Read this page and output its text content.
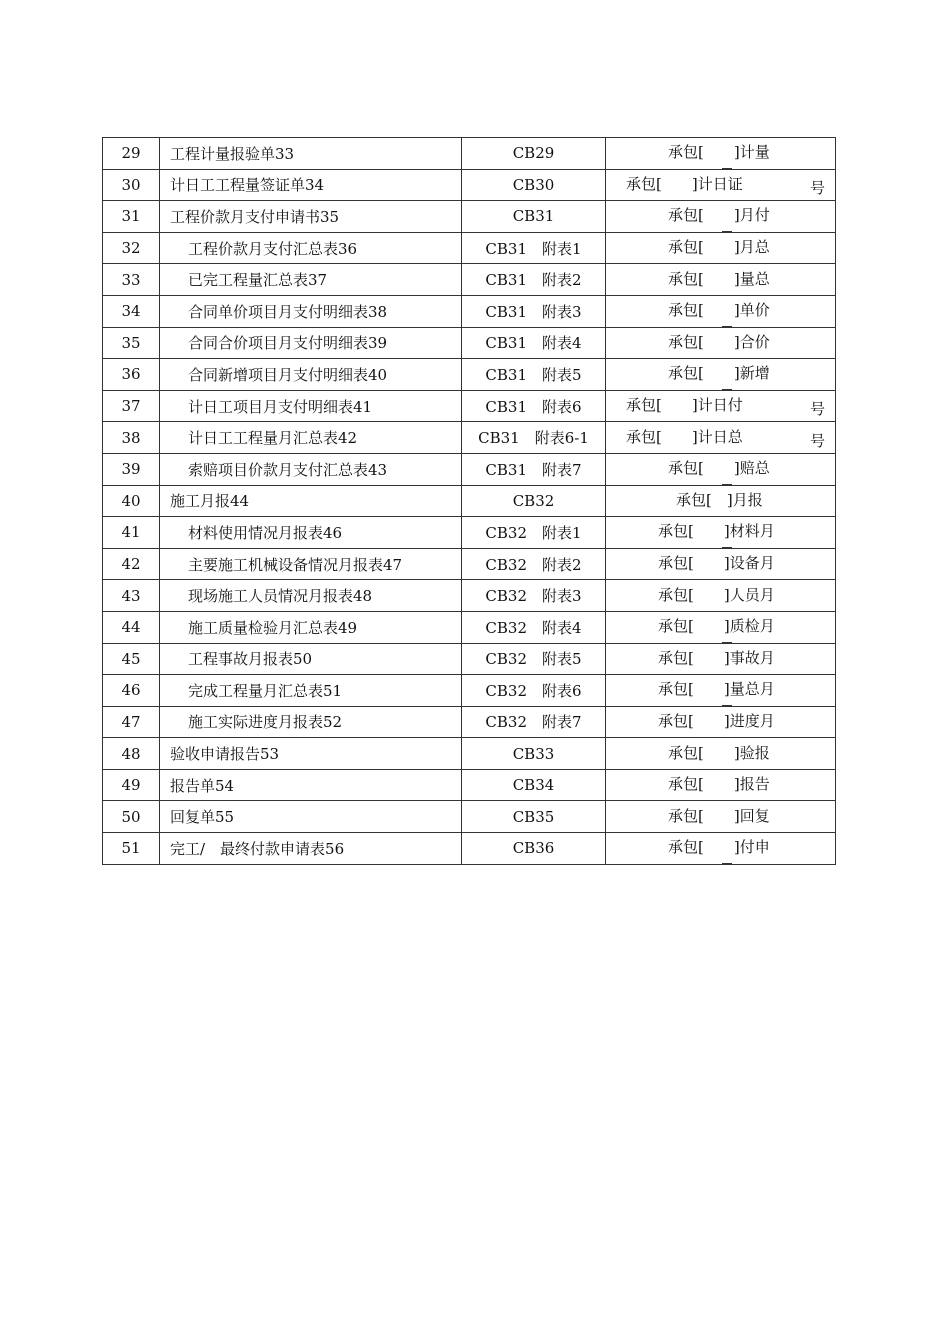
29	工程计量报验单33	CB29	承包[　　]计量

30	计日工工程量签证单34	CB30	承包[　　]计日证 号

31	工程价款月支付申请书35	CB31	承包[　　]月付

32	工程价款月支付汇总表36	CB31　附表1	承包[　　]月总

33	已完工程量汇总表37	CB31　附表2	承包[　　]量总

34	合同单价项目月支付明细表38	CB31　附表3	承包[　　]单价

35	合同合价项目月支付明细表39	CB31　附表4	承包[　　]合价

36	合同新增项目月支付明细表40	CB31　附表5	承包[　　]新增

37	计日工项目月支付明细表41	CB31　附表6	承包[　　]计日付 号

38	计日工工程量月汇总表42	CB31　附表6-1	承包[　　]计日总 号

39	索赔项目价款月支付汇总表43	CB31　附表7	承包[　　]赔总

40	施工月报44	CB32	承包[　]月报

41	材料使用情况月报表46	CB32　附表1	承包[　　]材料月

42	主要施工机械设备情况月报表47	CB32　附表2	承包[　　]设备月

43	现场施工人员情况月报表48	CB32　附表3	承包[　　]人员月

44	施工质量检验月汇总表49	CB32　附表4	承包[　　]质检月

45	工程事故月报表50	CB32　附表5	承包[　　]事故月

46	完成工程量月汇总表51	CB32　附表6	承包[　　]量总月

47	施工实际进度月报表52	CB32　附表7	承包[　　]进度月

48	验收申请报告53	CB33	承包[　　]验报

49	报告单54	CB34	承包[　　]报告

50	回复单55	CB35	承包[　　]回复

51	完工/　最终付款申请表56	CB36	承包[　　]付申
